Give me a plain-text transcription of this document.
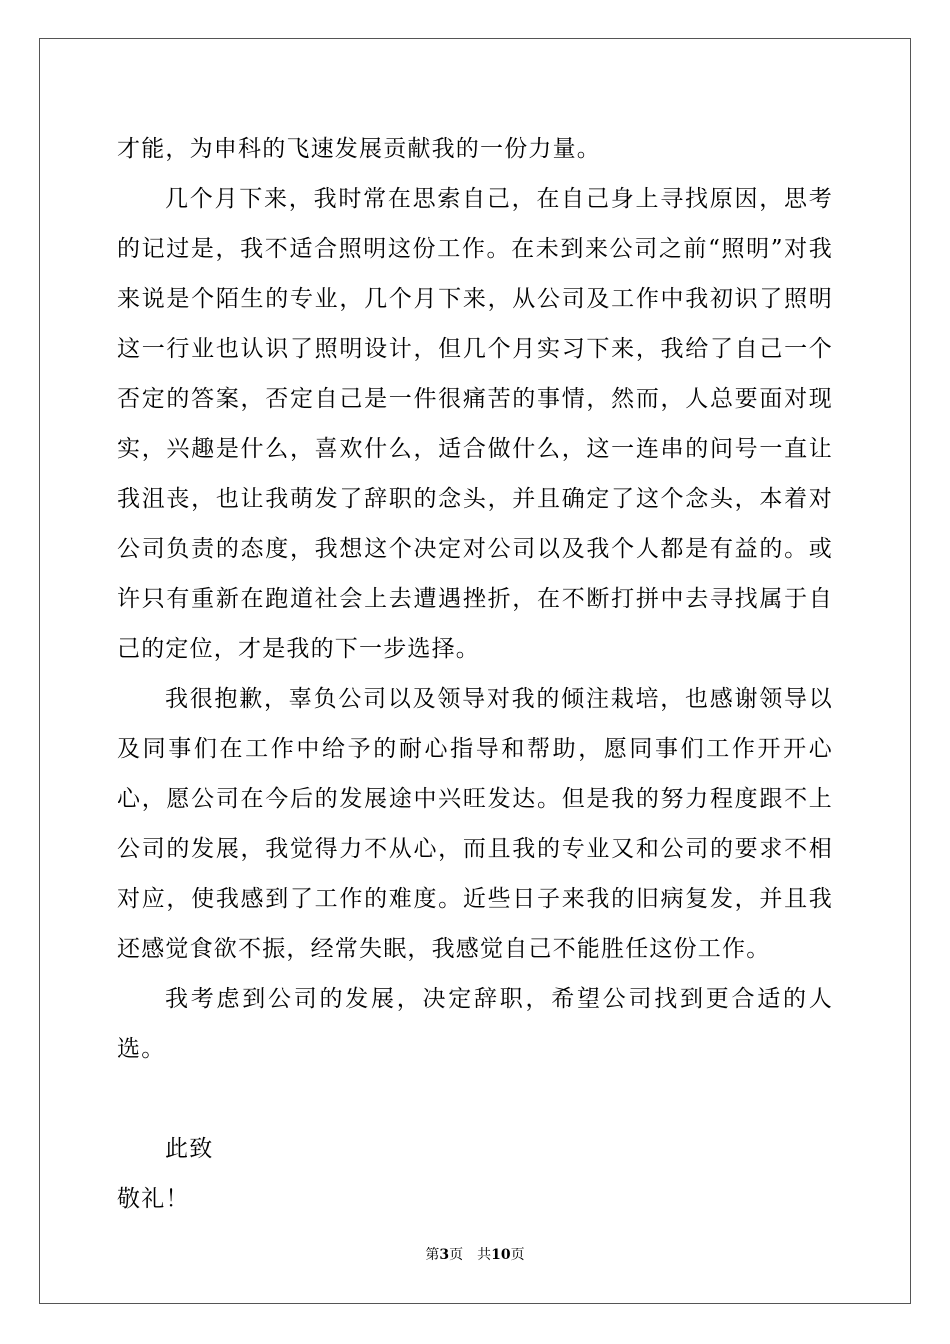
才能，为申科的飞速发展贡献我的一份力量。

几个月下来，我时常在思索自己，在自己身上寻找原因，思考的记过是，我不适合照明这份工作。在未到来公司之前“照明”对我来说是个陌生的专业，几个月下来，从公司及工作中我初识了照明这一行业也认识了照明设计，但几个月实习下来，我给了自己一个否定的答案，否定自己是一件很痛苦的事情，然而，人总要面对现实，兴趣是什么，喜欢什么，适合做什么，这一连串的问号一直让我沮丧，也让我萌发了辞职的念头，并且确定了这个念头，本着对公司负责的态度，我想这个决定对公司以及我个人都是有益的。或许只有重新在跑道社会上去遭遇挫折，在不断打拼中去寻找属于自己的定位，才是我的下一步选择。

我很抱歉，辜负公司以及领导对我的倾注栽培，也感谢领导以及同事们在工作中给予的耐心指导和帮助，愿同事们工作开开心心，愿公司在今后的发展途中兴旺发达。但是我的努力程度跟不上公司的发展，我觉得力不从心，而且我的专业又和公司的要求不相对应，使我感到了工作的难度。近些日子来我的旧病复发，并且我还感觉食欲不振，经常失眠，我感觉自己不能胜任这份工作。

我考虑到公司的发展，决定辞职，希望公司找到更合适的人选。

此致

敬礼！

第3页 共10页
